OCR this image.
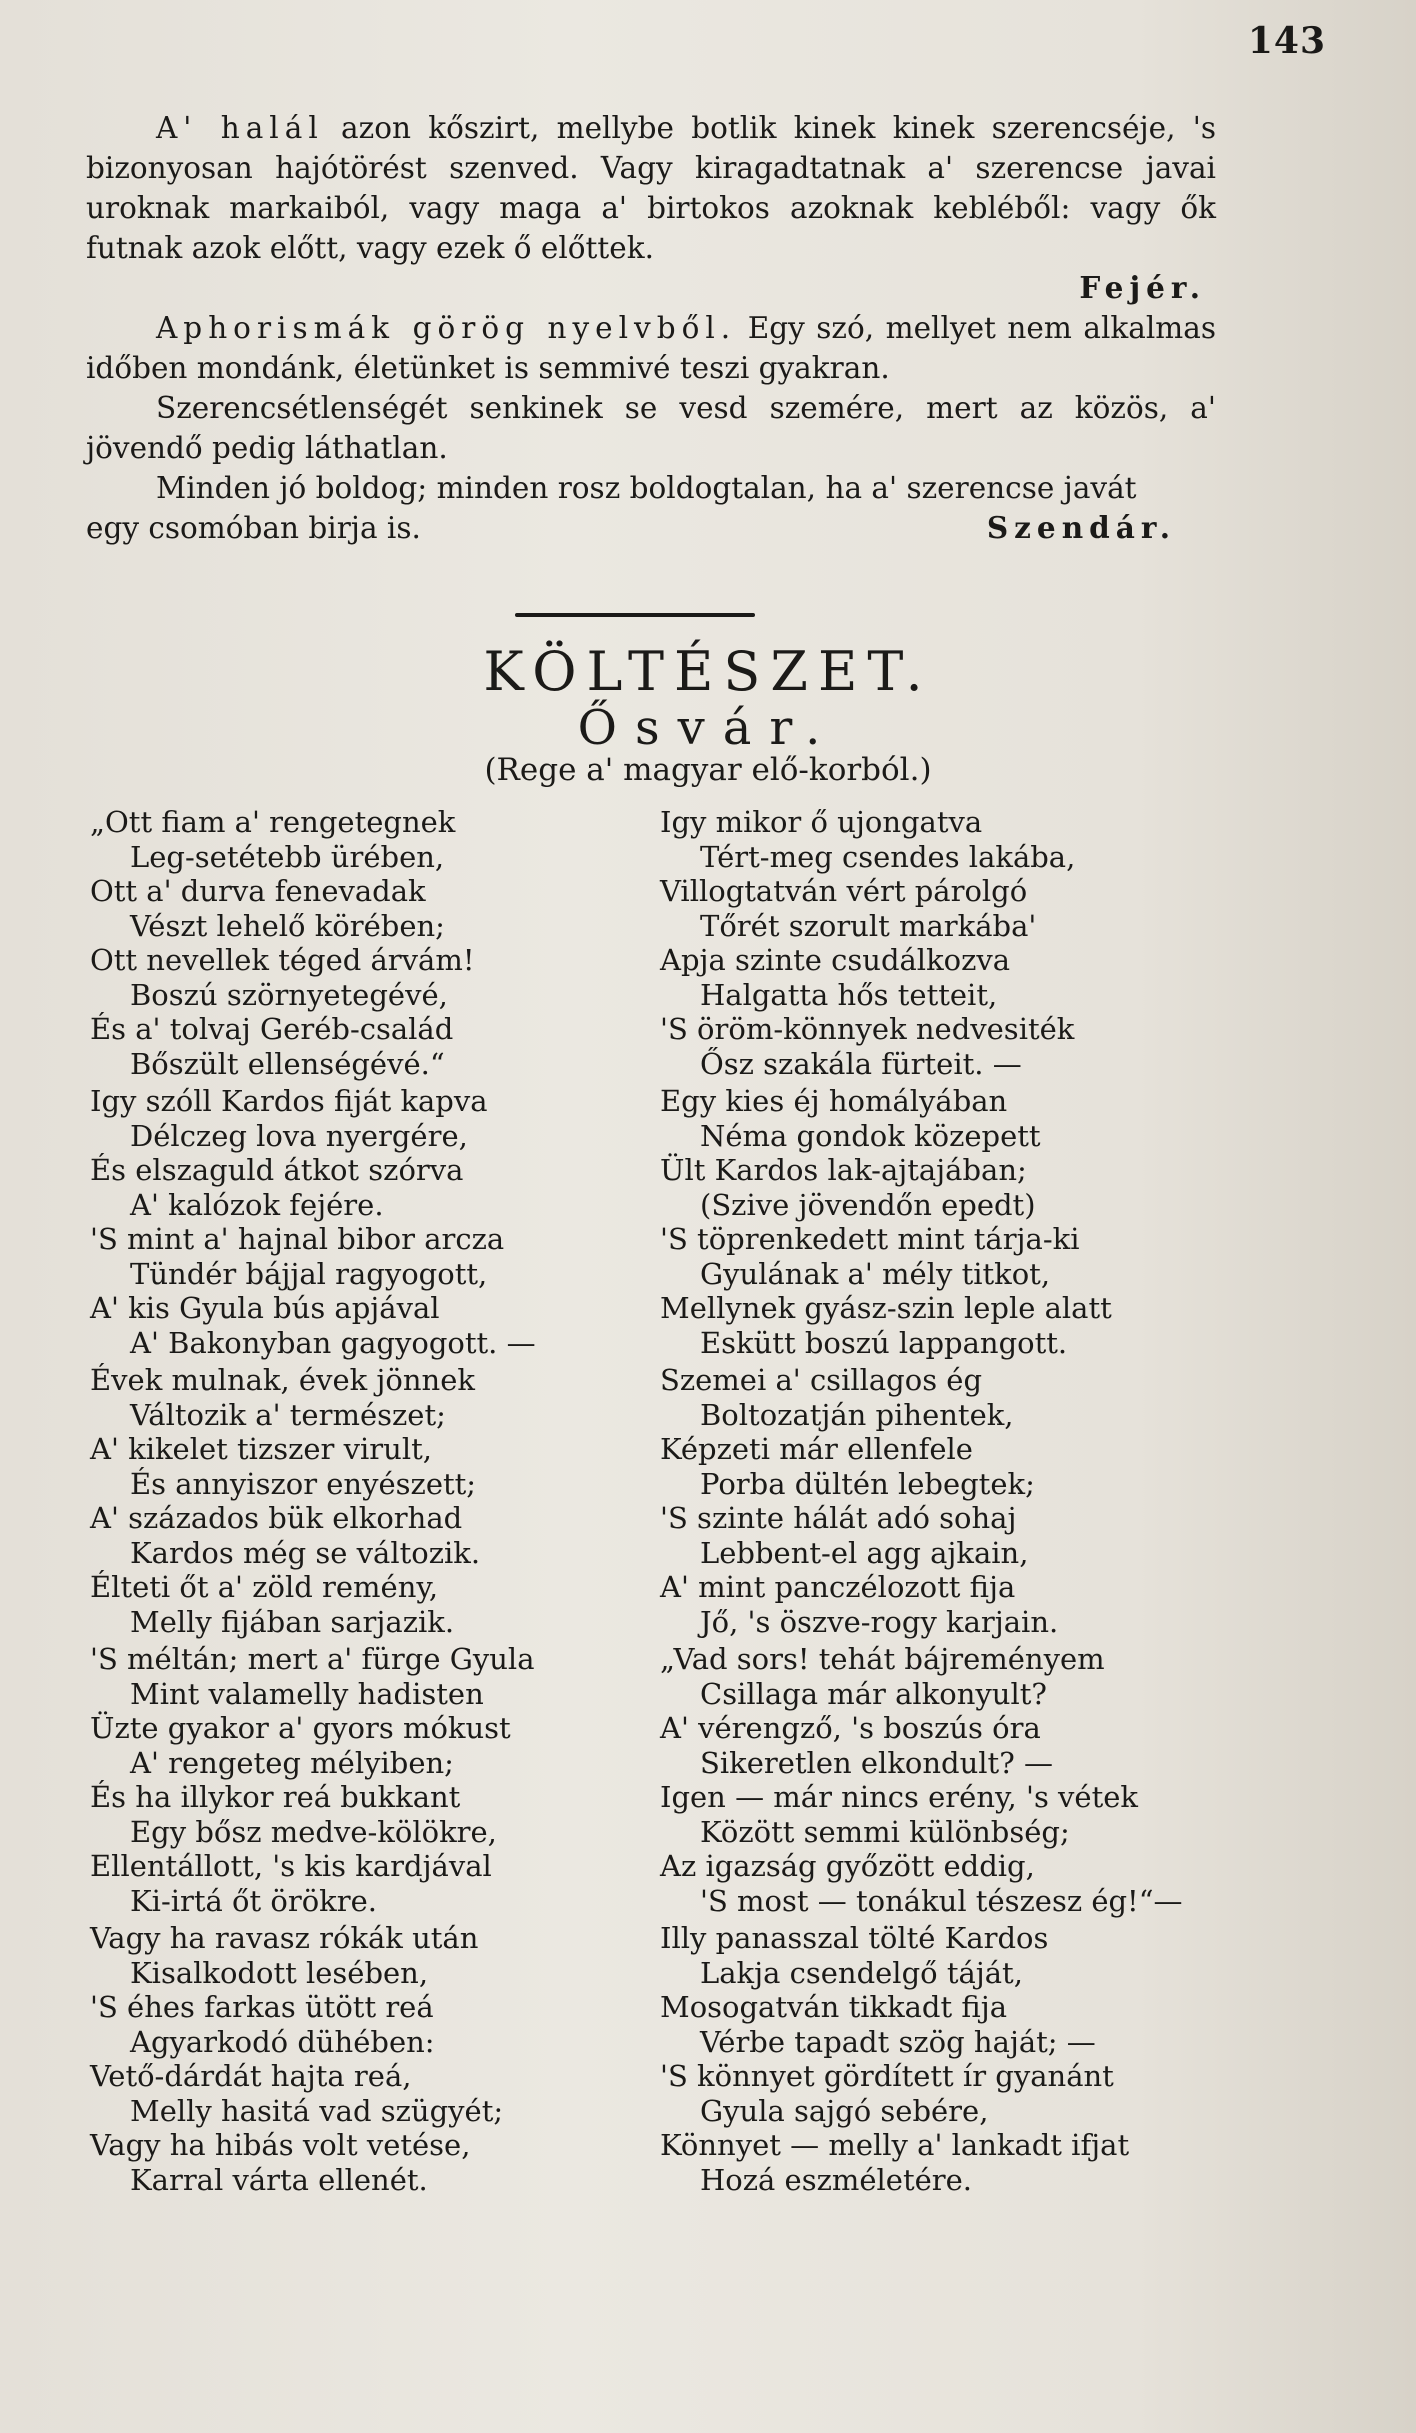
143

A' halál azon kőszirt, mellybe botlik kinek kinek szerencséje, 's bizonyosan hajótörést szenved. Vagy kiragadtatnak a' szerencse javai uroknak markaiból, vagy maga a' birtokos azoknak kebléből: vagy ők futnak azok előtt, vagy ezek ő előttek.

Fejér.

Aphorismák görög nyelvből. Egy szó, mellyet nem alkalmas időben mondánk, életünket is semmivé teszi gyakran.

Szerencsétlenségét senkinek se vesd szemére, mert az közös, a' jövendő pedig láthatlan.

Minden jó boldog; minden rosz boldogtalan, ha a' szerencse javát

egy csomóban birja is.	Szendár.
KÖLTÉSZET.
Ősvár.
(Rege a' magyar elő-korból.)
„Ott fiam a' rengetegnek
Leg-setétebb ürében,
Ott a' durva fenevadak
Vészt lehelő körében;
Ott nevellek téged árvám!
Boszú szörnyetegévé,
És a' tolvaj Geréb-család
Bőszült ellenségévé.“
Igy szóll Kardos fiját kapva
Délczeg lova nyergére,
És elszaguld átkot szórva
A' kalózok fejére.
'S mint a' hajnal bibor arcza
Tündér bájjal ragyogott,
A' kis Gyula bús apjával
A' Bakonyban gagyogott. —
Évek mulnak, évek jönnek
Változik a' természet;
A' kikelet tizszer virult,
És annyiszor enyészett;
A' százados bük elkorhad
Kardos még se változik.
Élteti őt a' zöld remény,
Melly fijában sarjazik.
'S méltán; mert a' fürge Gyula
Mint valamelly hadisten
Üzte gyakor a' gyors mókust
A' rengeteg mélyiben;
És ha illykor reá bukkant
Egy bősz medve-kölökre,
Ellentállott, 's kis kardjával
Ki-irtá őt örökre.
Vagy ha ravasz rókák után
Kisalkodott lesében,
'S éhes farkas ütött reá
Agyarkodó dühében:
Vető-dárdát hajta reá,
Melly hasitá vad szügyét;
Vagy ha hibás volt vetése,
Karral várta ellenét.
Igy mikor ő ujongatva
Tért-meg csendes lakába,
Villogtatván vért párolgó
Tőrét szorult markába'
Apja szinte csudálkozva
Halgatta hős tetteit,
'S öröm-könnyek nedvesiték
Ősz szakála fürteit. —
Egy kies éj homályában
Néma gondok közepett
Ült Kardos lak-ajtajában;
(Szive jövendőn epedt)
'S töprenkedett mint tárja-ki
Gyulának a' mély titkot,
Mellynek gyász-szin leple alatt
Eskütt boszú lappangott.
Szemei a' csillagos ég
Boltozatján pihentek,
Képzeti már ellenfele
Porba dültén lebegtek;
'S szinte hálát adó sohaj
Lebbent-el agg ajkain,
A' mint panczélozott fija
Jő, 's öszve-rogy karjain.
„Vad sors! tehát bájreményem
Csillaga már alkonyult?
A' vérengző, 's boszús óra
Sikeretlen elkondult? —
Igen — már nincs erény, 's vétek
Között semmi különbség;
Az igazság győzött eddig,
'S most — tonákul tészesz ég!“—
Illy panasszal tölté Kardos
Lakja csendelgő táját,
Mosogatván tikkadt fija
Vérbe tapadt szög haját; —
'S könnyet gördített ír gyanánt
Gyula sajgó sebére,
Könnyet — melly a' lankadt ifjat
Hozá eszméletére.
